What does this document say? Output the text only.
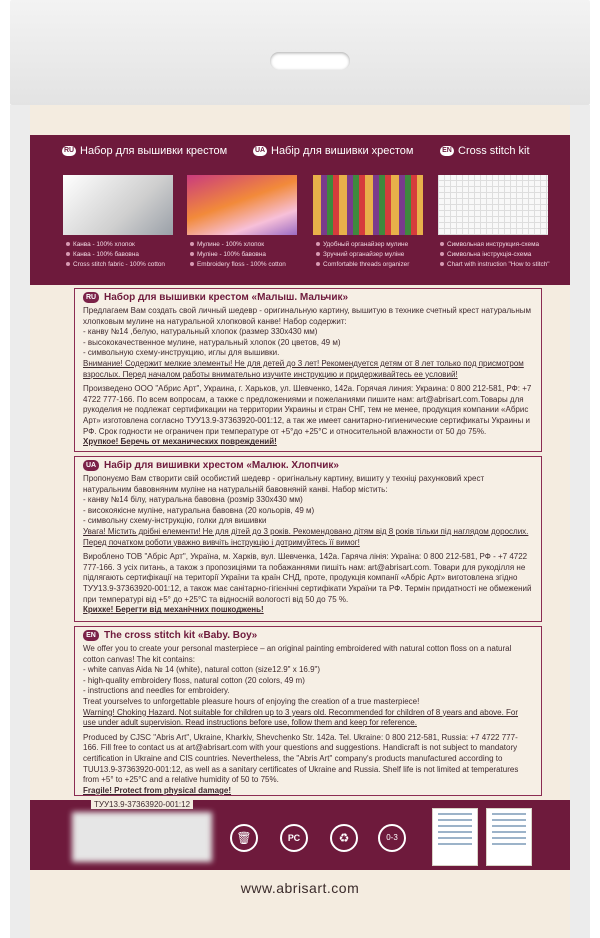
RU Набор для вышивки крестом	UA Набір для вишивки хрестом	EN Cross stitch kit
Канва - 100% хлопок
Канва - 100% бавовна
Cross stitch fabric - 100% cotton
Мулине - 100% хлопок
Мулiне - 100% бавовна
Embroidery floss - 100% cotton
Удобный органайзер мулине
Зручний органайзер мулiне
Comfortable threads organizer
Символьная инструкция-схема
Символьна iнструкцiя-схема
Chart with instruction "How to stitch"
RU Набор для вышивки крестом «Малыш. Мальчик»

Предлагаем Вам создать свой личный шедевр - оригинальную картину, вышитую в технике счетный крест натуральным хлопковым мулине на натуральной хлопковой канве! Набор содержит:

- канву №14 ,белую, натуральный хлопок (размер 330х430 мм)

- высококачественное мулине, натуральный хлопок (20 цветов, 49 м)

- символьную схему-инструкцию, иглы для вышивки.

Внимание! Содержит мелкие элементы! Не для детей до 3 лет! Рекомендуется детям от 8 лет только под присмотром взрослых. Перед началом работы внимательно изучите инструкцию и придерживайтесь ее условий!

Произведено ООО "Абрис Арт", Украина, г. Харьков, ул. Шевченко, 142а. Горячая линия: Украина: 0 800 212-581, РФ: +7 4722 777-166. По всем вопросам, а также с предложениями и пожеланиями пишите нам: art@abrisart.com.Товары для рукоделия не подлежат сертификации на территории Украины и стран СНГ, тем не менее, продукция компании «Абрис Арт» изготовлена согласно ТУУ13.9-37363920-001:12, а так же имеет санитарно-гигиенические сертификаты Украины и РФ. Срок годности не ограничен при температуре от +5°до +25°С и относительной влажности от 50 до 75%.

Хрупкое! Беречь от механических повреждений!

UA Набір для вишивки хрестом «Малюк. Хлопчик»

Пропонуємо Вам створити свій особистий шедевр - оригінальну картину, вишиту у техніці рахунковий хрест натуральним бавовняним муліне на натуральній бавовняній канві. Набор містить:

- канву №14 білу, натуральна бавовна (розмір 330х430 мм)

- високоякісне муліне, натуральна бавовна (20 кольорів, 49 м)

- символьну схему-інструкцію, голки для вишивки

Увага! Містить дрібні елементи! Не для дітей до 3 років. Рекомендовано дітям від 8 років тільки під наглядом дорослих. Перед початком роботи уважно вивчіть інструкцію і дотримуйтесь її вимог!

Вироблено ТОВ "Абріс Арт", Україна, м. Харків, вул. Шевченка, 142а. Гаряча лінія: Україна: 0 800 212-581, РФ - +7 4722 777-166. З усіх питань, а також з пропозиціями та побажаннями пишіть нам: art@abrisart.com. Товари для рукоділля не підлягають сертифікації на території України та країн СНД, проте, продукція компанії «Абріс Арт» виготовлена згідно ТУУ13.9-37363920-001:12, а також має санітарно-гігієнічні сертифікати України та РФ. Термін придатності не обмежений при температурі від +5° до +25°С та відносній вологості від 50 до 75 %.

Крихке! Берегти від механічних пошкоджень!

EN The cross stitch kit «Baby. Boy»

We offer you to create your personal masterpiece – an original painting embroidered with natural cotton floss on a natural cotton canvas! The kit contains:

- white canvas Aida № 14 (white), natural cotton (size12.9" x 16.9")

- high-quality embroidery floss, natural cotton (20 colors, 49 m)

- instructions and needles for embroidery.

Treat yourselves to unforgettable pleasure hours of enjoying the creation of a true masterpiece!

Warning! Choking Hazard. Not suitable for children up to 3 years old. Recommended for children of 8 years and above. For use under adult supervision. Read instructions before use, follow them and keep for reference.

Produced by CJSC "Abris Art", Ukraine, Kharkiv, Shevchenko Str. 142a. Tel. Ukraine: 0 800 212-581, Russia: +7 4722 777-166. Fill free to contact us at art@abrisart.com with your questions and suggestions. Handicraft is not subject to mandatory certification in Ukraine and CIS countries. Nevertheless, the "Abris Art" company's products manufactured according to TUU13.9-37363920-001:12, as well as a sanitary certificates of Ukraine and Russia. Shelf life is not limited at temperatures from +5° to +25°C and a relative humidity of 50 to 75%.

Fragile! Protect from physical damage!

ТУУ13.9-37363920-001:12
🗑	РС	♻	0-3
www.abrisart.com
